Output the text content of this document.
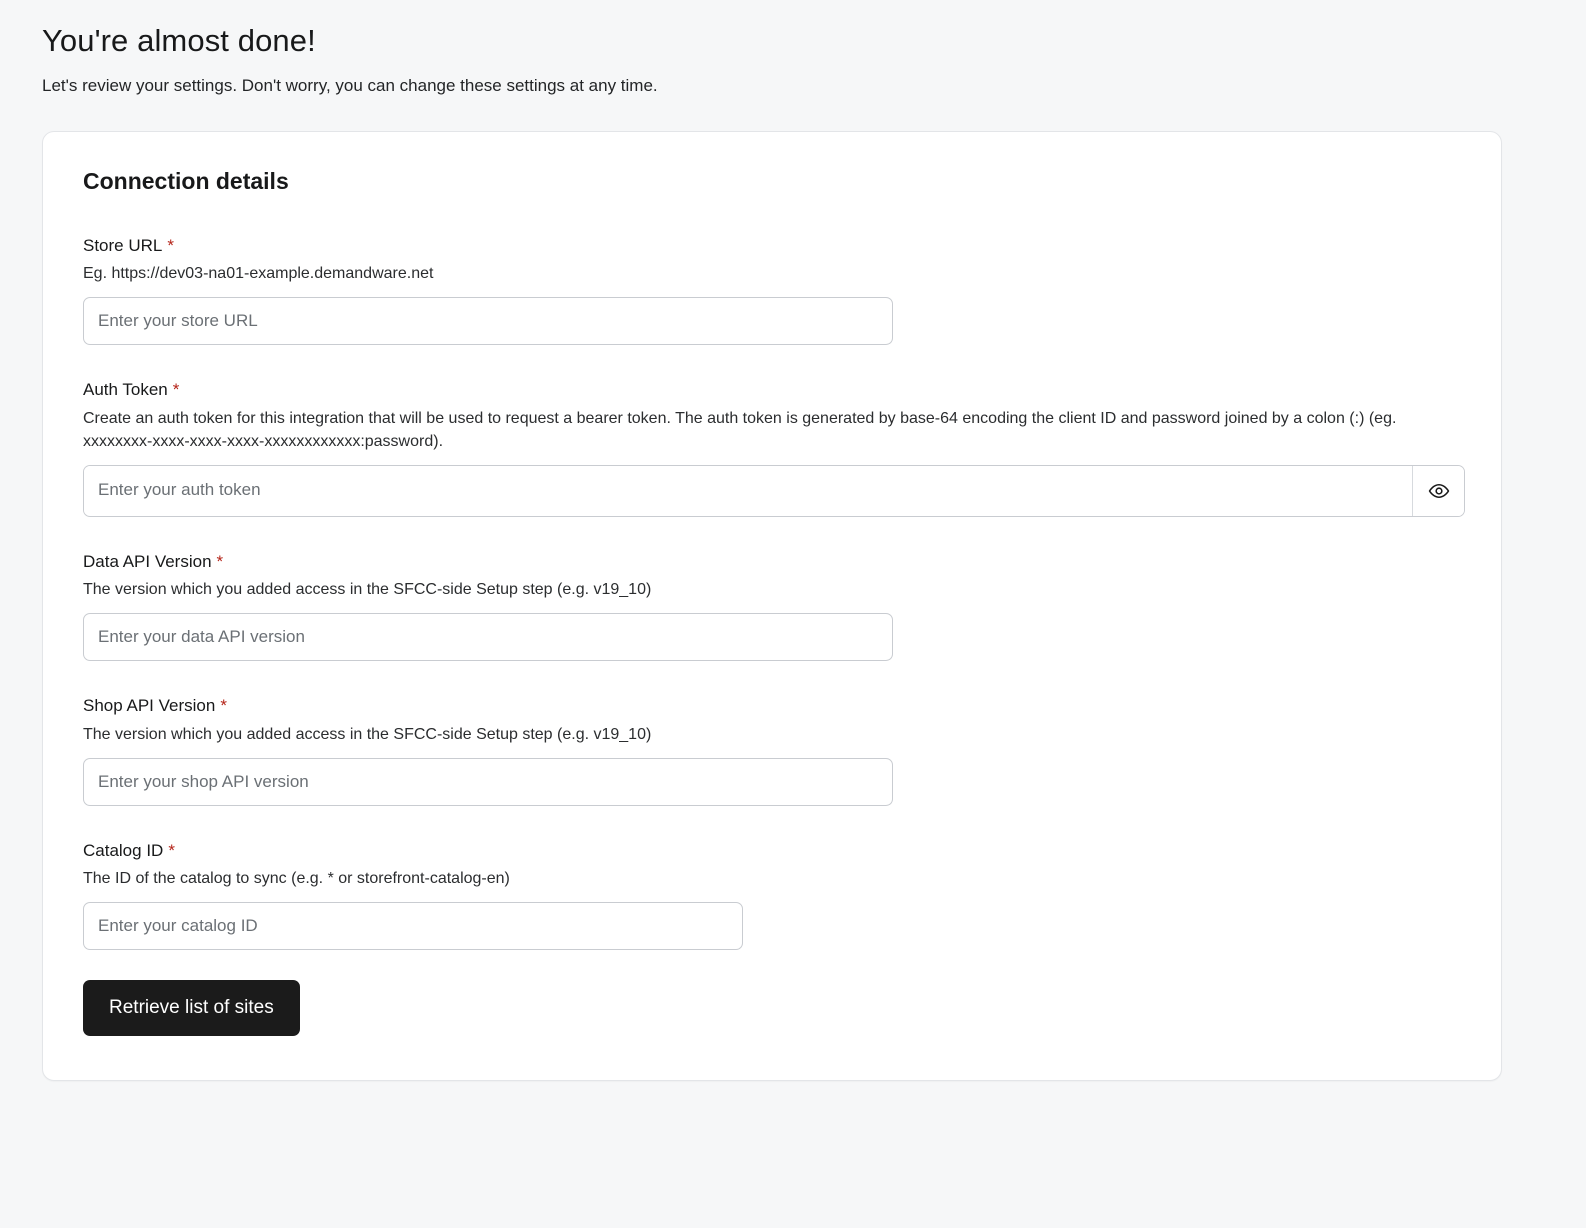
You're almost done!

Let's review your settings. Don't worry, you can change these settings at any time.

Connection details
Store URL *

Eg. https://dev03-na01-example.demandware.net

Enter your store URL
Auth Token *

Create an auth token for this integration that will be used to request a bearer token. The auth token is generated by base-64 encoding the client ID and password joined by a colon (:) (eg. xxxxxxxx-xxxx-xxxx-xxxx-xxxxxxxxxxxx:password).

Enter your auth token
Data API Version *

The version which you added access in the SFCC-side Setup step (e.g. v19_10)

Enter your data API version
Shop API Version *

The version which you added access in the SFCC-side Setup step (e.g. v19_10)

Enter your shop API version
Catalog ID *

The ID of the catalog to sync (e.g. * or storefront-catalog-en)

Enter your catalog ID
Retrieve list of sites
